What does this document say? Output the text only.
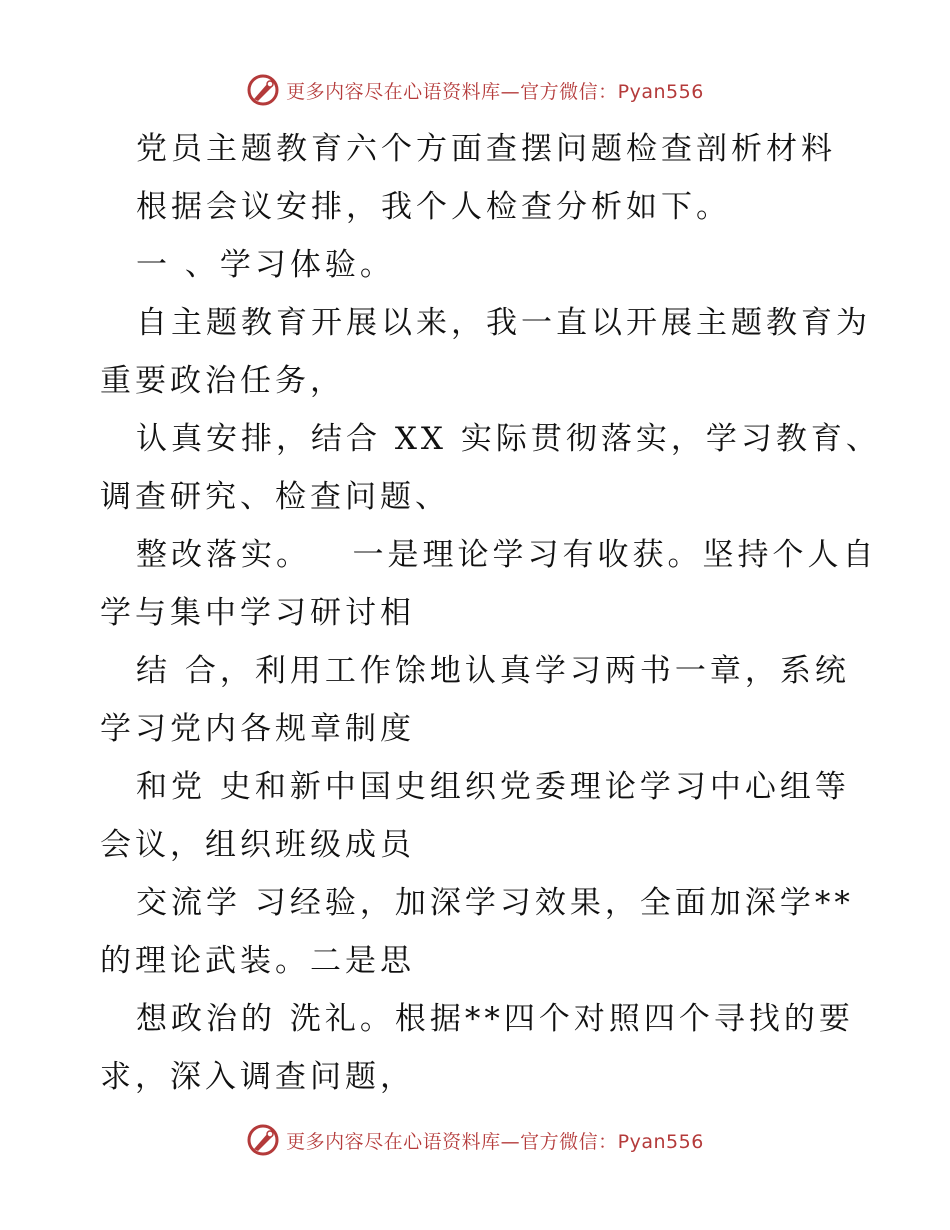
更多内容尽在心语资料库—官方微信：Pyan556
党员主题教育六个方面查摆问题检查剖析材料
根据会议安排，我个人检查分析如下。
一 、学习体验。
自主题教育开展以来，我一直以开展主题教育为
重要政治任务，
认真安排，结合 XX 实际贯彻落实，学习教育、
调查研究、检查问题、
整改落实。   一是理论学习有收获。坚持个人自
学与集中学习研讨相
结 合，利用工作馀地认真学习两书一章，系统
学习党内各规章制度
和党 史和新中国史组织党委理论学习中心组等
会议，组织班级成员
交流学 习经验，加深学习效果，全面加深学**
的理论武装。二是思
想政治的 洗礼。根据**四个对照四个寻找的要
求，深入调查问题，
更多内容尽在心语资料库—官方微信：Pyan556
